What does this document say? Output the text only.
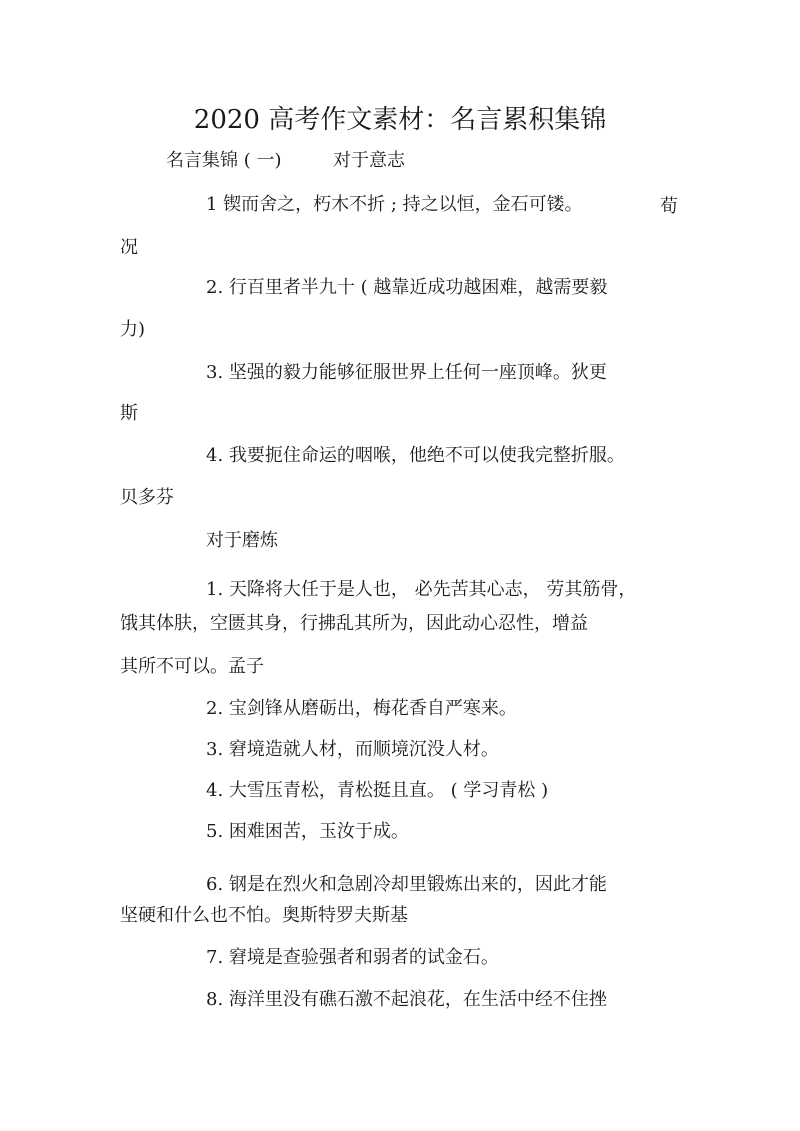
2020 高考作文素材：名言累积集锦
名言集锦 ( 一)	对于意志
1 锲而舍之，朽木不折 ; 持之以恒，金石可镂。	荀
况
2. 行百里者半九十 ( 越靠近成功越困难，越需要毅
力)
3. 坚强的毅力能够征服世界上任何一座顶峰。狄更
斯
4. 我要扼住命运的咽喉，他绝不可以使我完整折服。
贝多芬
对于磨炼
1. 天降将大任于是人也， 必先苦其心志， 劳其筋骨，
饿其体肤，空匮其身，行拂乱其所为，因此动心忍性，增益
其所不可以。孟子
2. 宝剑锋从磨砺出，梅花香自严寒来。
3. 窘境造就人材，而顺境沉没人材。
4. 大雪压青松，青松挺且直。 ( 学习青松 )
5. 困难困苦，玉汝于成。
6. 钢是在烈火和急剧冷却里锻炼出来的，因此才能
坚硬和什么也不怕。奥斯特罗夫斯基
7. 窘境是查验强者和弱者的试金石。
8. 海洋里没有礁石激不起浪花，在生活中经不住挫
